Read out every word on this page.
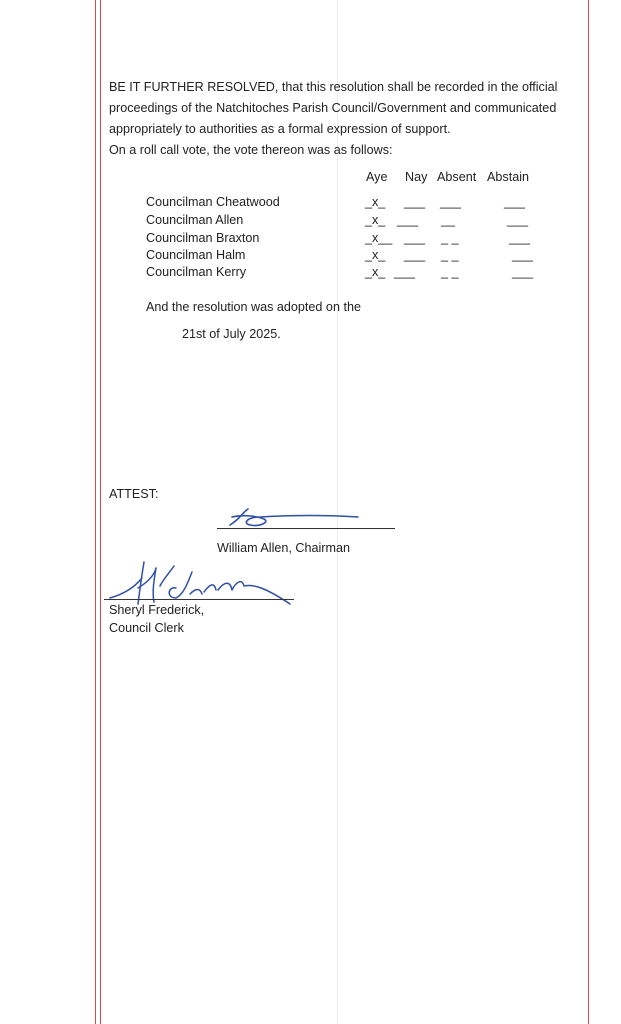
BE IT FURTHER RESOLVED, that this resolution shall be recorded in the official proceedings of the Natchitoches Parish Council/Government and communicated appropriately to authorities as a formal expression of support.

On a roll call vote, the vote thereon was as follows:
Aye Nay Absent Abstain
Councilman Cheatwood	_x_ ___ ___	___
Councilman Allen	_x_ ___ __	___
Councilman Braxton	_x__ ___ _ _	___
Councilman Halm	_x_ ___ _ _	___
Councilman Kerry	_x_ ___ _ _	___
And the resolution was adopted on the
21st of July 2025.
ATTEST:
William Allen, Chairman
Sheryl Frederick,
Council Clerk
